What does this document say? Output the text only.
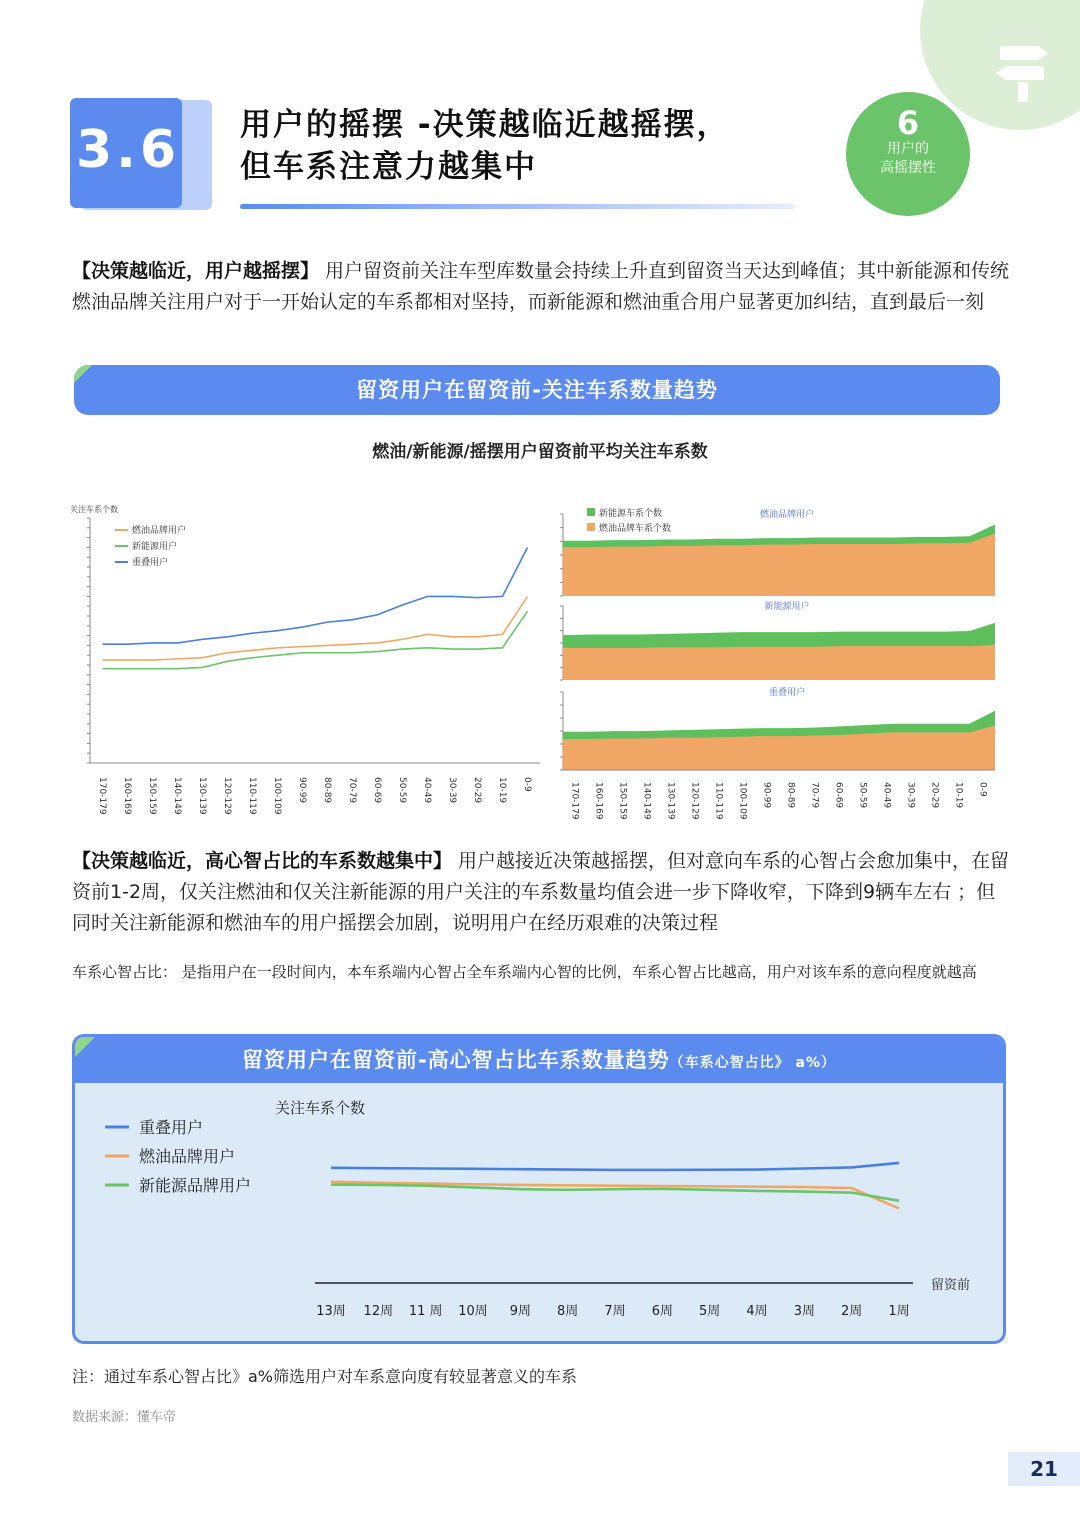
3.6 用户的摇摆 -决策越临近越摇摆，
但车系注意力越集中
6
用户的
高摇摆性
【决策越临近，用户越摇摆】 用户留资前关注车型库数量会持续上升直到留资当天达到峰值；其中新能源和传统燃油品牌关注用户对于一开始认定的车系都相对坚持，而新能源和燃油重合用户显著更加纠结，直到最后一刻
留资用户在留资前-关注车系数量趋势
燃油/新能源/摇摆用户留资前平均关注车系数
关注车系个数
170-179 160-169 150-159 140-149 130-139 120-129 110-119 100-109 90-99 80-89 70-79 60-69 50-59 40-49 30-39 20-29 10-19 0-9
燃油品牌用户
新能源用户
重叠用户
燃油品牌用户
新能源用户
重叠用户
新能源车系个数
燃油品牌车系个数
170-179 160-169 150-159 140-149 130-139 120-129 110-119 100-109 90-99 80-89 70-79 60-69 50-59 40-49 30-39 20-29 10-19 0-9
【决策越临近，高心智占比的车系数越集中】 用户越接近决策越摇摆，但对意向车系的心智占会愈加集中，在留资前1-2周，仅关注燃油和仅关注新能源的用户关注的车系数量均值会进一步下降收窄，下降到9辆车左右 ；但同时关注新能源和燃油车的用户摇摆会加剧，说明用户在经历艰难的决策过程
车系心智占比： 是指用户在一段时间内，本车系端内心智占全车系端内心智的比例，车系心智占比越高，用户对该车系的意向程度就越高
留资用户在留资前-高心智占比车系数量趋势（车系心智占比》 a%）
关注车系个数
留资前
13周 12周 11 周 10周 9周 8周 7周 6周 5周 4周 3周 2周 1周
重叠用户
燃油品牌用户
新能源品牌用户
注：通过车系心智占比》a%筛选用户对车系意向度有较显著意义的车系
数据来源：懂车帝
21
